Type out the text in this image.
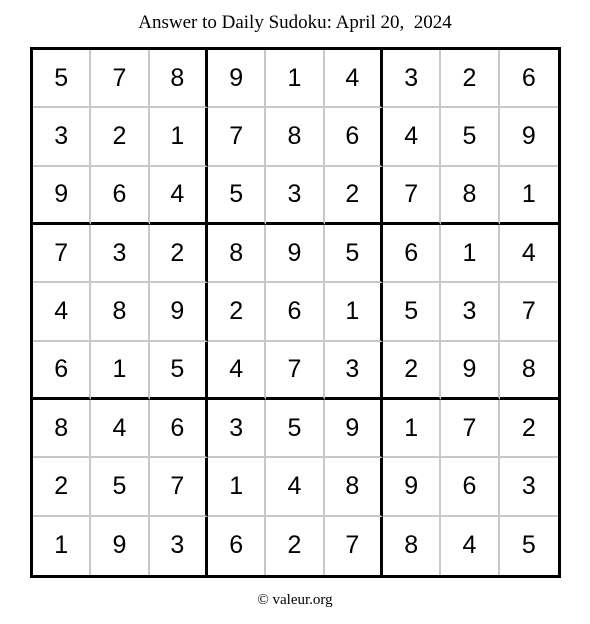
Answer to Daily Sudoku: April 20,  2024
5	7	8	9	1	4	3	2	6
3	2	1	7	8	6	4	5	9
9	6	4	5	3	2	7	8	1
7	3	2	8	9	5	6	1	4
4	8	9	2	6	1	5	3	7
6	1	5	4	7	3	2	9	8
8	4	6	3	5	9	1	7	2
2	5	7	1	4	8	9	6	3
1	9	3	6	2	7	8	4	5
© valeur.org
